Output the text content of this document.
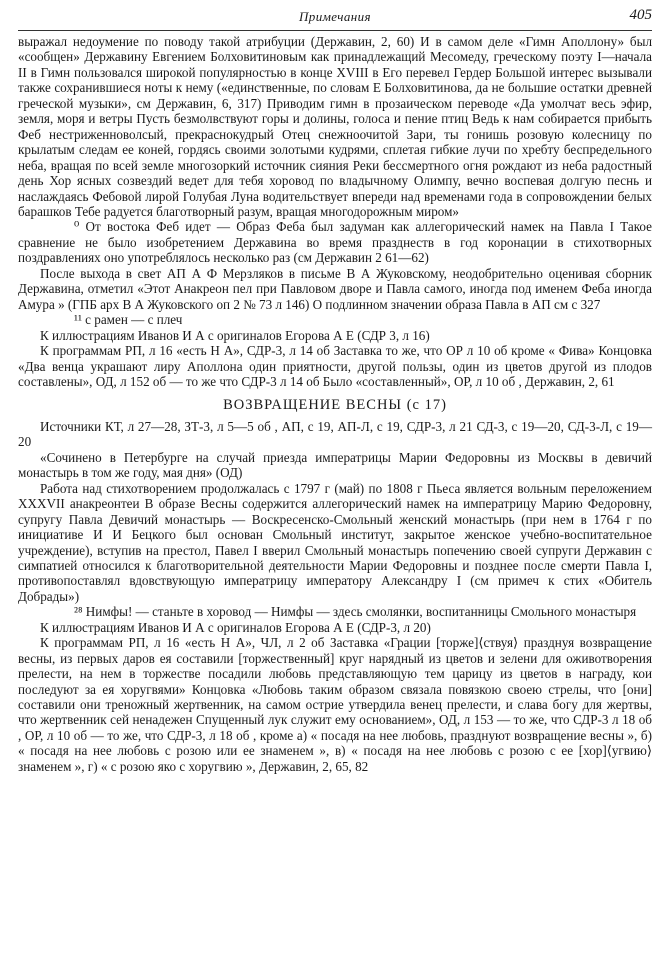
Примечания	405

выражал недоумение по поводу такой атрибуции (Державин, 2, 60) И в самом деле «Гимн Аполлону» был «сообщен» Державину Евгением Болховитиновым как принадлежащий Месомеду, греческому поэту I—начала II в Гимн пользовался широкой популярностью в конце XVIII в Его перевел Гердер Большой интерес вызывали также сохранившиеся ноты к нему («единственные, по словам Е Болховитинова, да не большие остатки древней греческой музыки», см Державин, 6, 317) Приводим гимн в прозаическом переводе «Да умолчат весь эфир, земля, моря и ветры Пусть безмолвствуют горы и долины, голоса и пение птиц Ведь к нам собирается прибыть Феб нестриженноволсый, прекраснокудрый Отец снежноочитой Зари, ты гонишь розовую колесницу по крылатым следам ее коней, гордясь своими золотыми кудрями, сплетая гибкие лучи по хребту беспредельного неба, вращая по всей земле многозоркий источник сияния Реки бессмертного огня рождают из неба радостный день Хор ясных созвездий ведет для тебя хоровод по владычному Олимпу, вечно воспевая долгую песнь и наслаждаясь Фебовой лирой Голубая Луна водительствует впереди над временами года в сопровождении белых барашков Тебе радуется благотворный разум, вращая многодорожным миром»

⁰ От востока Феб идет — Образ Феба был задуман как аллегорический намек на Павла I Такое сравнение не было изобретением Державина во время празднеств в год коронации в стихотворных поздравлениях оно употреблялось несколько раз (см Державин 2 61—62)

После выхода в свет АП А Ф Мерзляков в письме В А Жуковскому, неодобрительно оценивая сборник Державина, отметил «Этот Анакреон пел при Павловом дворе и Павла самого, иногда под именем Феба иногда Амура » (ГПБ арх В А Жуковского оп 2 № 73 л 146) О подлинном значении образа Павла в АП см с 327

¹¹ с рамен — с плеч

К иллюстрациям Иванов И А с оригиналов Егорова А Е (СДР 3, л 16)

К программам РП, л 16 «есть Н А», СДР-3, л 14 об Заставка то же, что ОР л 10 об кроме « Фива» Концовка «Два венца украшают лиру Аполлона один приятности, другой пользы, один из цветов другой из плодов составлены», ОД, л 152 об — то же что СДР-3 л 14 об Было «составленный», ОР, л 10 об , Державин, 2, 61

ВОЗВРАЩЕНИЕ ВЕСНЫ (с 17)

Источники КТ, л 27—28, ЗТ-3, л 5—5 об , АП, с 19, АП-Л, с 19, СДР-3, л 21 СД-3, с 19—20, СД-3-Л, с 19—20

«Сочинено в Петербурге на случай приезда императрицы Марии Федоровны из Москвы в девичий монастырь в том же году, мая дня» (ОД)

Работа над стихотворением продолжалась с 1797 г (май) по 1808 г Пьеса является вольным переложением XXXVII анакреонтеи В образе Весны содержится аллегорический намек на императрицу Марию Федоровну, супругу Павла Девичий монастырь — Воскресенско-Смольный женский монастырь (при нем в 1764 г по инициативе И И Бецкого был основан Смольный институт, закрытое женское учебно-воспитательное учреждение), вступив на престол, Павел I вверил Смольный монастырь попечению своей супруги Державин с симпатией относился к благотворительной деятельности Марии Федоровны и позднее после смерти Павла I, противопоставлял вдовствующую императрицу императору Александру I (см примеч к стих «Обитель Добрады»)

²⁸ Нимфы! — станьте в хоровод — Нимфы — здесь смолянки, воспитанницы Смольного монастыря

К иллюстрациям Иванов И А с оригиналов Егорова А Е (СДР-3, л 20)

К программам РП, л 16 «есть Н А», ЧЛ, л 2 об Заставка «Грации [торже]⟨ствуя⟩ празднуя возвращение весны, из первых даров ея составили [торжественный] круг нарядный из цветов и зелени для оживотворения прелести, на нем в торжестве посадили любовь представляющую тем царицу из цветов в награду, кои последуют за ея хоругвями» Концовка «Любовь таким образом связала повязкою своею стрелы, что [они] составили они треножный жертвенник, на самом острие утвердила венец прелести, и слава богу для жертвы, что жертвенник сей ненадежен Спущенный лук служит ему основанием», ОД, л 153 — то же, что СДР-3 л 18 об , ОР, л 10 об — то же, что СДР-3, л 18 об , кроме а) « посадя на нее любовь, празднуют возвращение весны », б) « посадя на нее любовь с розою или ее знаменем », в) « посадя на нее любовь с розою с ее [хор]⟨угвию⟩ знаменем », г) « с розою яко с хоругвию », Державин, 2, 65, 82
